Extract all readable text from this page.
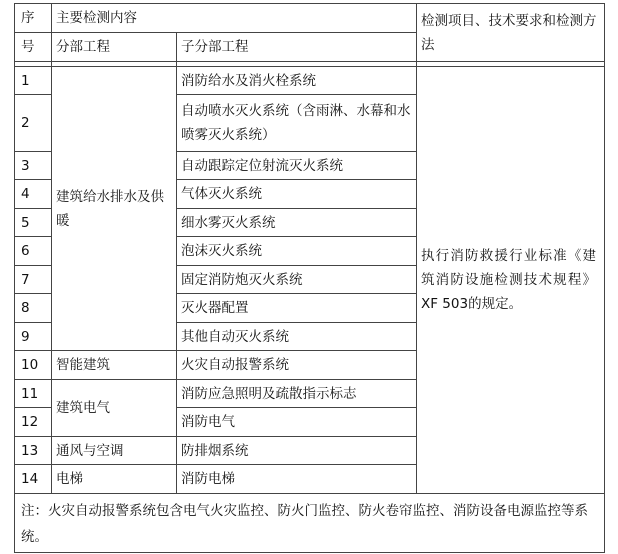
序	主要检测内容		检测项目、技术要求和检测方法
号	分部工程	子分部工程	

1	建筑给水排水及供暖	消防给水及消火栓系统	执行消防救援行业标准《建筑消防设施检测技术规程》 XF 503的规定。
2		自动喷水灭火系统（含雨淋、水幕和水喷雾灭火系统）	
3		自动跟踪定位射流灭火系统	
4		气体灭火系统	
5		细水雾灭火系统	
6		泡沫灭火系统	
7		固定消防炮灭火系统	
8		灭火器配置	
9		其他自动灭火系统	
10	智能建筑	火灾自动报警系统	
11	建筑电气	消防应急照明及疏散指示标志	
12		消防电气	
13	通风与空调	防排烟系统	
14	电梯	消防电梯	
注：火灾自动报警系统包含电气火灾监控、防火门监控、防火卷帘监控、消防设备电源监控等系统。			
